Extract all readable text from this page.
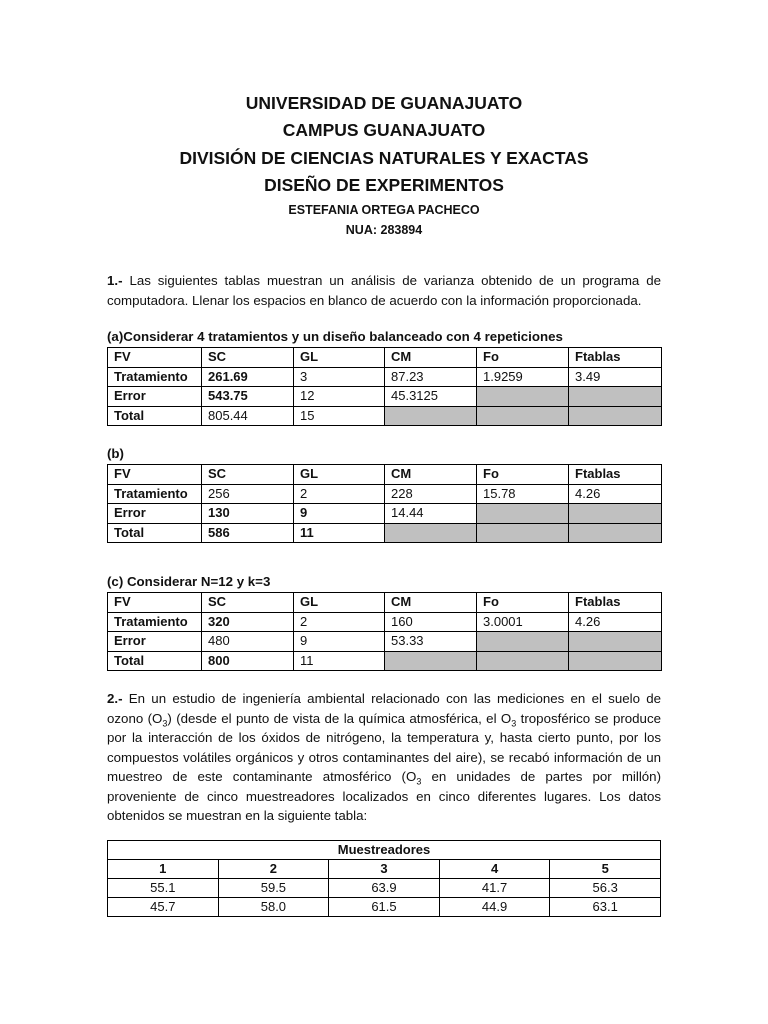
UNIVERSIDAD DE GUANAJUATO
CAMPUS GUANAJUATO
DIVISIÓN DE CIENCIAS NATURALES Y EXACTAS
DISEÑO DE EXPERIMENTOS
ESTEFANIA ORTEGA PACHECO
NUA: 283894
1.- Las siguientes tablas muestran un análisis de varianza obtenido de un programa de computadora. Llenar los espacios en blanco de acuerdo con la información proporcionada.
(a)Considerar 4 tratamientos y un diseño balanceado con 4 repeticiones
FV	SC	GL	CM	Fo	Ftablas
Tratamiento	261.69	3	87.23	1.9259	3.49
Error	543.75	12	45.3125		
Total	805.44	15			
(b)
FV	SC	GL	CM	Fo	Ftablas
Tratamiento	256	2	228	15.78	4.26
Error	130	9	14.44		
Total	586	11			
(c) Considerar N=12 y k=3
FV	SC	GL	CM	Fo	Ftablas
Tratamiento	320	2	160	3.0001	4.26
Error	480	9	53.33		
Total	800	11			
2.- En un estudio de ingeniería ambiental relacionado con las mediciones en el suelo de ozono $(O_3)$ (desde el punto de vista de la química atmosférica, el $O_3$ troposférico se produce por la interacción de los óxidos de nitrógeno, la temperatura y, hasta cierto punto, por los compuestos volátiles orgánicos y otros contaminantes del aire), se recabó información de un muestreo de este contaminante atmosférico ($O_3$ en unidades de partes por millón) proveniente de cinco muestreadores localizados en cinco diferentes lugares. Los datos obtenidos se muestran en la siguiente tabla:
Muestreadores				
1	2	3	4	5
55.1	59.5	63.9	41.7	56.3
45.7	58.0	61.5	44.9	63.1
